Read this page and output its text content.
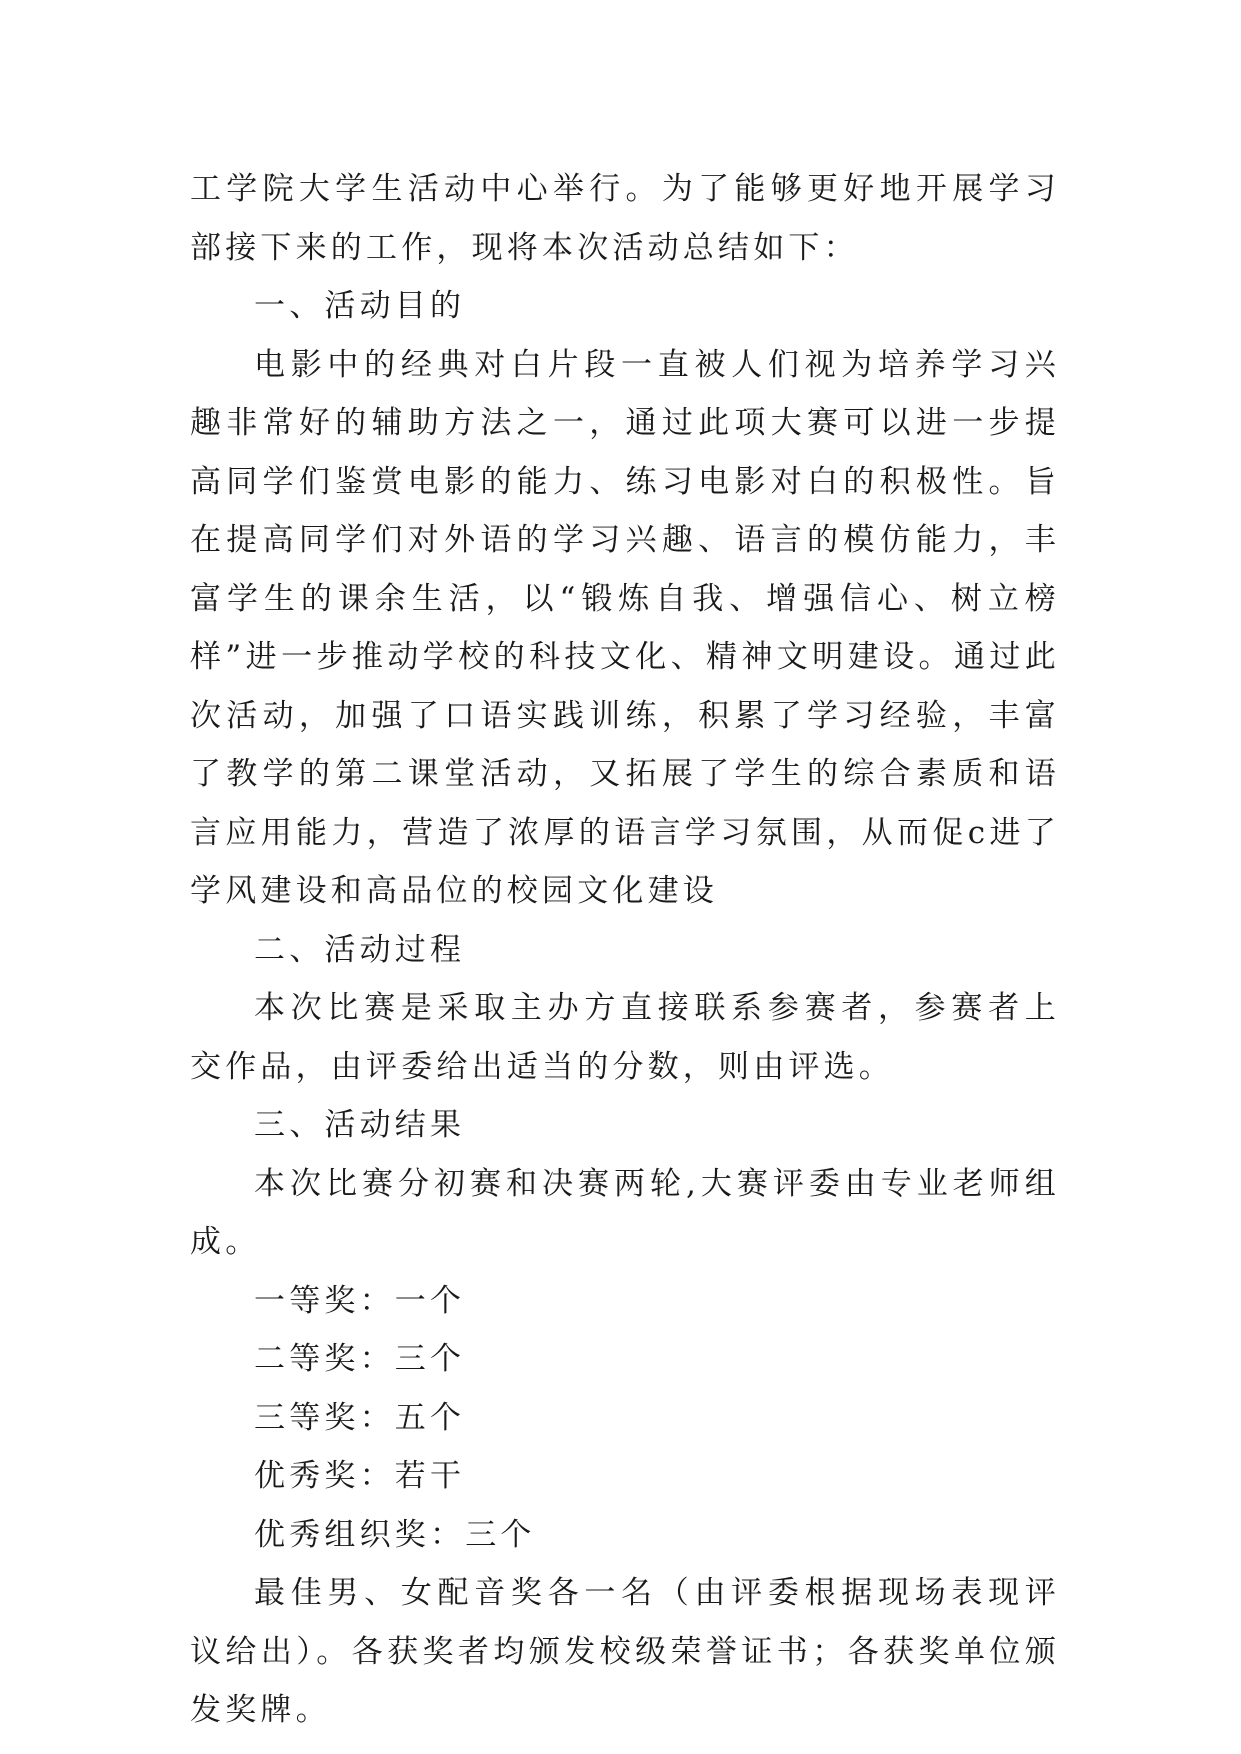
工学院大学生活动中心举行。为了能够更好地开展学习部接下来的工作，现将本次活动总结如下：

一、活动目的

电影中的经典对白片段一直被人们视为培养学习兴趣非常好的辅助方法之一，通过此项大赛可以进一步提高同学们鉴赏电影的能力、练习电影对白的积极性。旨在提高同学们对外语的学习兴趣、语言的模仿能力，丰富学生的课余生活，以“锻炼自我、增强信心、树立榜样”进一步推动学校的科技文化、精神文明建设。通过此次活动，加强了口语实践训练，积累了学习经验，丰富了教学的第二课堂活动，又拓展了学生的综合素质和语言应用能力，营造了浓厚的语言学习氛围，从而促c进了学风建设和高品位的校园文化建设

二、活动过程

本次比赛是采取主办方直接联系参赛者，参赛者上交作品，由评委给出适当的分数，则由评选。

三、活动结果

本次比赛分初赛和决赛两轮,大赛评委由专业老师组成。

一等奖：一个

二等奖：三个

三等奖：五个

优秀奖：若干

优秀组织奖：三个

最佳男、女配音奖各一名（由评委根据现场表现评议给出）。各获奖者均颁发校级荣誉证书；各获奖单位颁发奖牌。
